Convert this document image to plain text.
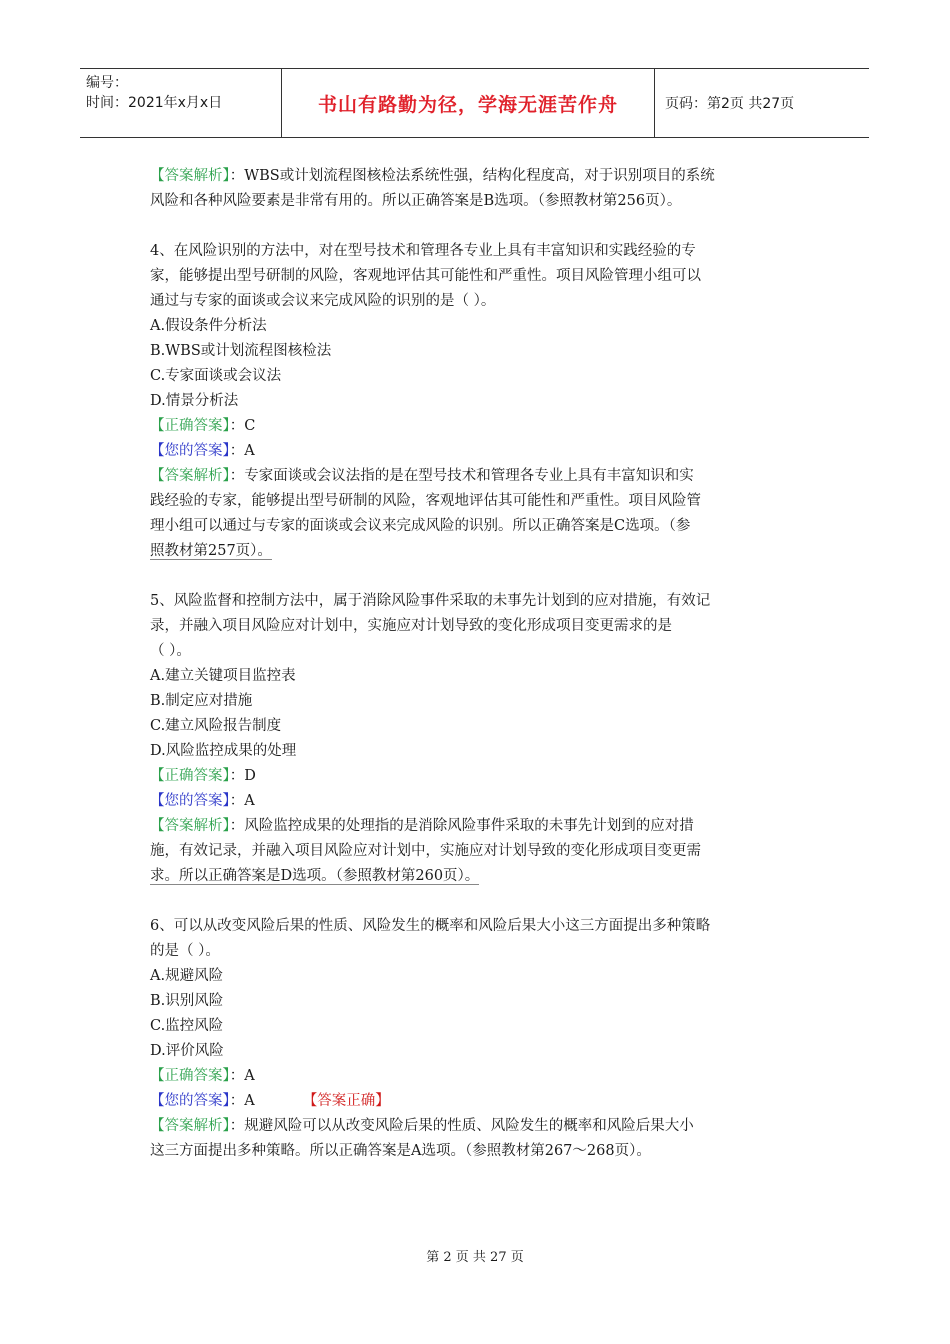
编号：
时间：2021年x月x日	书山有路勤为径，学海无涯苦作舟	页码：第2页 共27页
【答案解析】：WBS或计划流程图核检法系统性强，结构化程度高，对于识别项目的系统
风险和各种风险要素是非常有用的。所以正确答案是B选项。（参照教材第256页）。
4、在风险识别的方法中，对在型号技术和管理各专业上具有丰富知识和实践经验的专
家，能够提出型号研制的风险，客观地评估其可能性和严重性。项目风险管理小组可以
通过与专家的面谈或会议来完成风险的识别的是（ ）。
A.假设条件分析法
B.WBS或计划流程图核检法
C.专家面谈或会议法
D.情景分析法
【正确答案】：C
【您的答案】：A
【答案解析】：专家面谈或会议法指的是在型号技术和管理各专业上具有丰富知识和实
践经验的专家，能够提出型号研制的风险，客观地评估其可能性和严重性。项目风险管
理小组可以通过与专家的面谈或会议来完成风险的识别。所以正确答案是C选项。（参
照教材第257页）。
5、风险监督和控制方法中，属于消除风险事件采取的未事先计划到的应对措施，有效记
录，并融入项目风险应对计划中，实施应对计划导致的变化形成项目变更需求的是
（ ）。
A.建立关键项目监控表
B.制定应对措施
C.建立风险报告制度
D.风险监控成果的处理
【正确答案】：D
【您的答案】：A
【答案解析】：风险监控成果的处理指的是消除风险事件采取的未事先计划到的应对措
施，有效记录，并融入项目风险应对计划中，实施应对计划导致的变化形成项目变更需
求。所以正确答案是D选项。（参照教材第260页）。
6、可以从改变风险后果的性质、风险发生的概率和风险后果大小这三方面提出多种策略
的是（ ）。
A.规避风险
B.识别风险
C.监控风险
D.评价风险
【正确答案】：A
【您的答案】：A	【答案正确】
【答案解析】：规避风险可以从改变风险后果的性质、风险发生的概率和风险后果大小
这三方面提出多种策略。所以正确答案是A选项。（参照教材第267～268页）。
第 2 页 共 27 页
